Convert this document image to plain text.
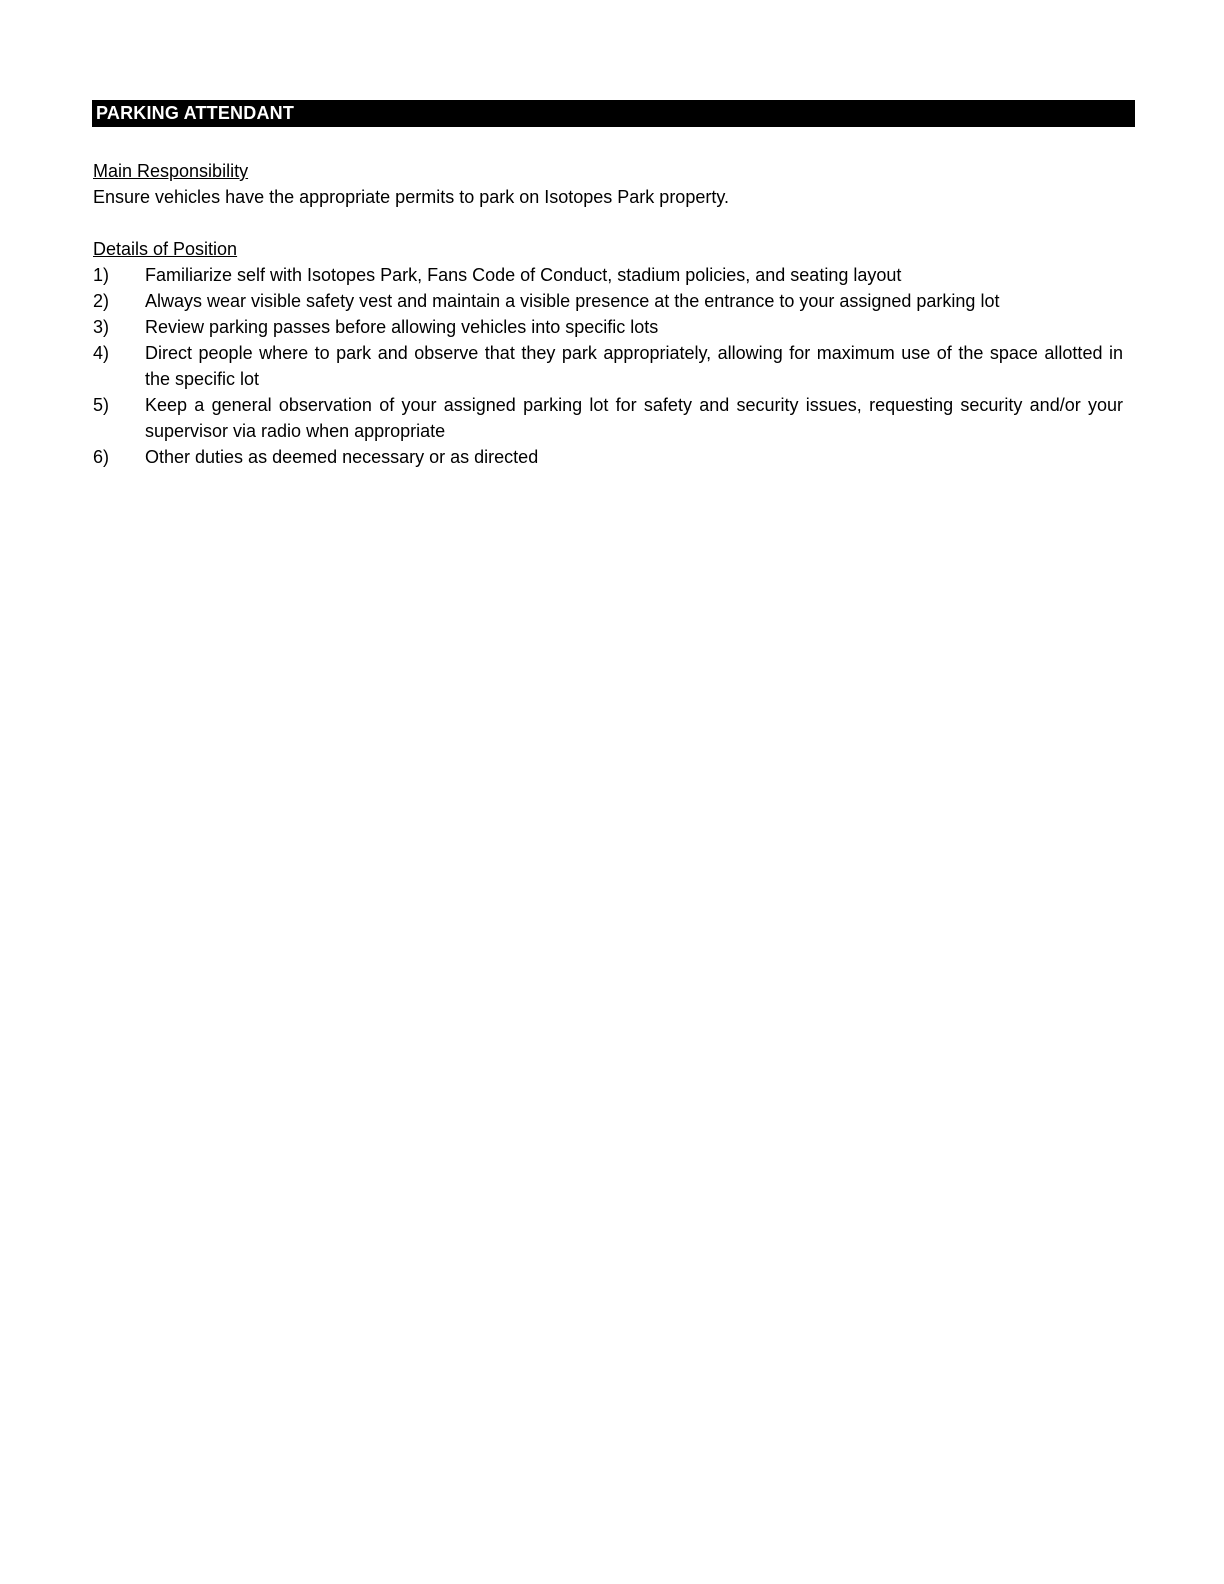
PARKING ATTENDANT
Main Responsibility

Ensure vehicles have the appropriate permits to park on Isotopes Park property.

Details of Position
1)	Familiarize self with Isotopes Park, Fans Code of Conduct, stadium policies, and seating layout
2)	Always wear visible safety vest and maintain a visible presence at the entrance to your assigned parking lot
3)	Review parking passes before allowing vehicles into specific lots
4)	Direct people where to park and observe that they park appropriately, allowing for maximum use of the space allotted in the specific lot
5)	Keep a general observation of your assigned parking lot for safety and security issues, requesting security and/or your supervisor via radio when appropriate
6)	Other duties as deemed necessary or as directed
